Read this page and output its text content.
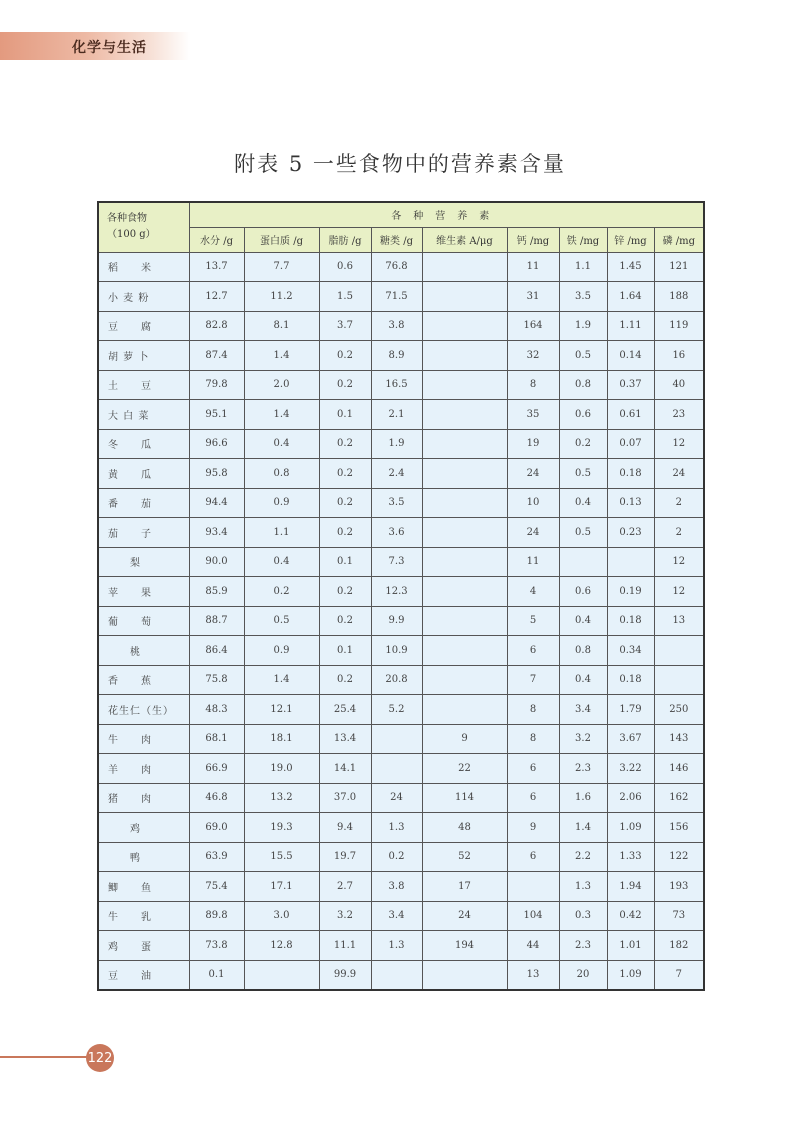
化学与生活
附表 5 一些食物中的营养素含量
各种食物
（100 g）	各种营养素								
	水分 /g	蛋白质 /g	脂肪 /g	糖类 /g	维生素 A/μg	钙 /mg	铁 /mg	锌 /mg	磷 /mg
稻　　米	13.7	7.7	0.6	76.8		11	1.1	1.45	121
小 麦 粉	12.7	11.2	1.5	71.5		31	3.5	1.64	188
豆　　腐	82.8	8.1	3.7	3.8		164	1.9	1.11	119
胡 萝 卜	87.4	1.4	0.2	8.9		32	0.5	0.14	16
土　　豆	79.8	2.0	0.2	16.5		8	0.8	0.37	40
大 白 菜	95.1	1.4	0.1	2.1		35	0.6	0.61	23
冬　　瓜	96.6	0.4	0.2	1.9		19	0.2	0.07	12
黄　　瓜	95.8	0.8	0.2	2.4		24	0.5	0.18	24
番　　茄	94.4	0.9	0.2	3.5		10	0.4	0.13	2
茄　　子	93.4	1.1	0.2	3.6		24	0.5	0.23	2
　　梨	90.0	0.4	0.1	7.3		11			12
苹　　果	85.9	0.2	0.2	12.3		4	0.6	0.19	12
葡　　萄	88.7	0.5	0.2	9.9		5	0.4	0.18	13
　　桃	86.4	0.9	0.1	10.9		6	0.8	0.34	
香　　蕉	75.8	1.4	0.2	20.8		7	0.4	0.18	
花生仁（生）	48.3	12.1	25.4	5.2		8	3.4	1.79	250
牛　　肉	68.1	18.1	13.4		9	8	3.2	3.67	143
羊　　肉	66.9	19.0	14.1		22	6	2.3	3.22	146
猪　　肉	46.8	13.2	37.0	24	114	6	1.6	2.06	162
　　鸡	69.0	19.3	9.4	1.3	48	9	1.4	1.09	156
　　鸭	63.9	15.5	19.7	0.2	52	6	2.2	1.33	122
鲫　　鱼	75.4	17.1	2.7	3.8	17		1.3	1.94	193
牛　　乳	89.8	3.0	3.2	3.4	24	104	0.3	0.42	73
鸡　　蛋	73.8	12.8	11.1	1.3	194	44	2.3	1.01	182
豆　　油	0.1		99.9			13	20	1.09	7
122
